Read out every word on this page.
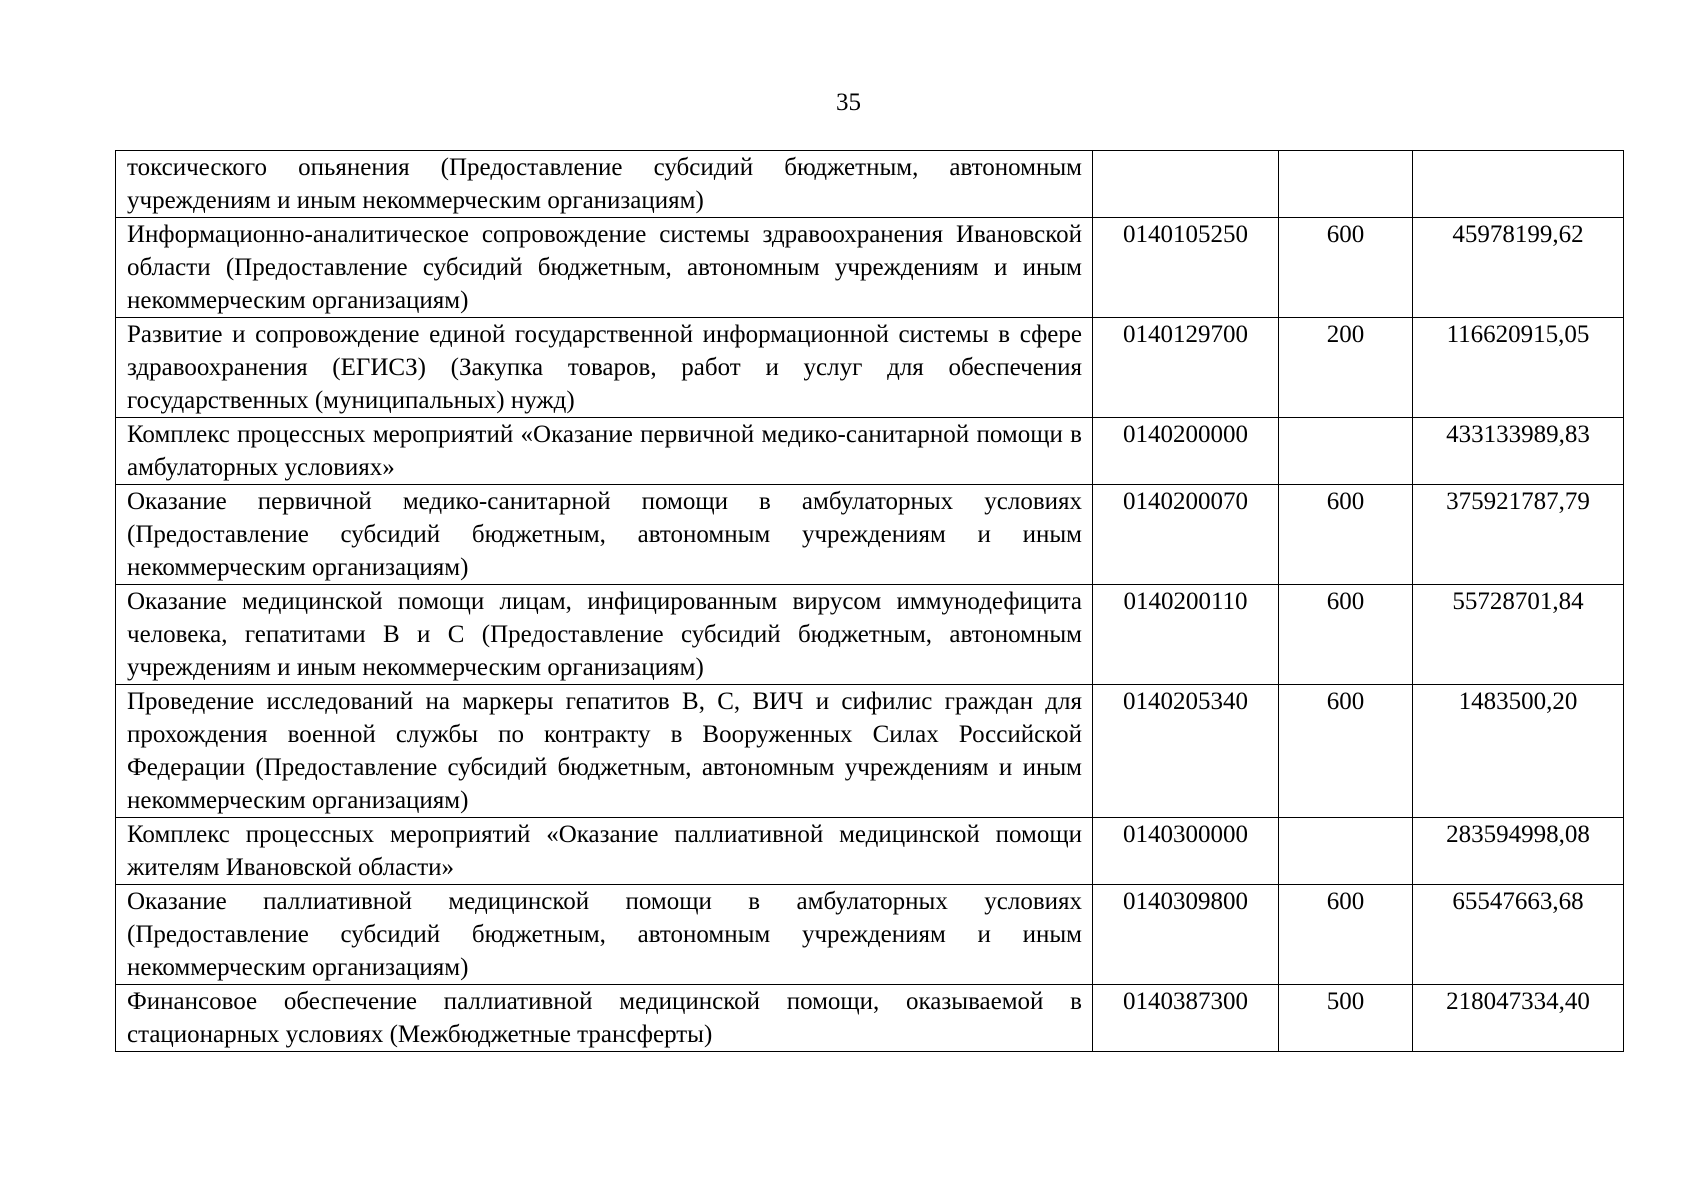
35
токсического опьянения (Предоставление субсидий бюджетным, автономным учреждениям и иным некоммерческим организациям)			
Информационно-аналитическое сопровождение системы здравоохранения Ивановской области (Предоставление субсидий бюджетным, автономным учреждениям и иным некоммерческим организациям)	0140105250	600	45978199,62
Развитие и сопровождение единой государственной информационной системы в сфере здравоохранения (ЕГИСЗ) (Закупка товаров, работ и услуг для обеспечения государственных (муниципальных) нужд)	0140129700	200	116620915,05
Комплекс процессных мероприятий «Оказание первичной медико-санитарной помощи в амбулаторных условиях»	0140200000		433133989,83
Оказание первичной медико-санитарной помощи в амбулаторных условиях (Предоставление субсидий бюджетным, автономным учреждениям и иным некоммерческим организациям)	0140200070	600	375921787,79
Оказание медицинской помощи лицам, инфицированным вирусом иммунодефицита человека, гепатитами В и С (Предоставление субсидий бюджетным, автономным учреждениям и иным некоммерческим организациям)	0140200110	600	55728701,84
Проведение исследований на маркеры гепатитов В, С, ВИЧ и сифилис граждан для прохождения военной службы по контракту в Вооруженных Силах Российской Федерации (Предоставление субсидий бюджетным, автономным учреждениям и иным некоммерческим организациям)	0140205340	600	1483500,20
Комплекс процессных мероприятий «Оказание паллиативной медицинской помощи жителям Ивановской области»	0140300000		283594998,08
Оказание паллиативной медицинской помощи в амбулаторных условиях (Предоставление субсидий бюджетным, автономным учреждениям и иным некоммерческим организациям)	0140309800	600	65547663,68
Финансовое обеспечение паллиативной медицинской помощи, оказываемой в стационарных условиях (Межбюджетные трансферты)	0140387300	500	218047334,40
